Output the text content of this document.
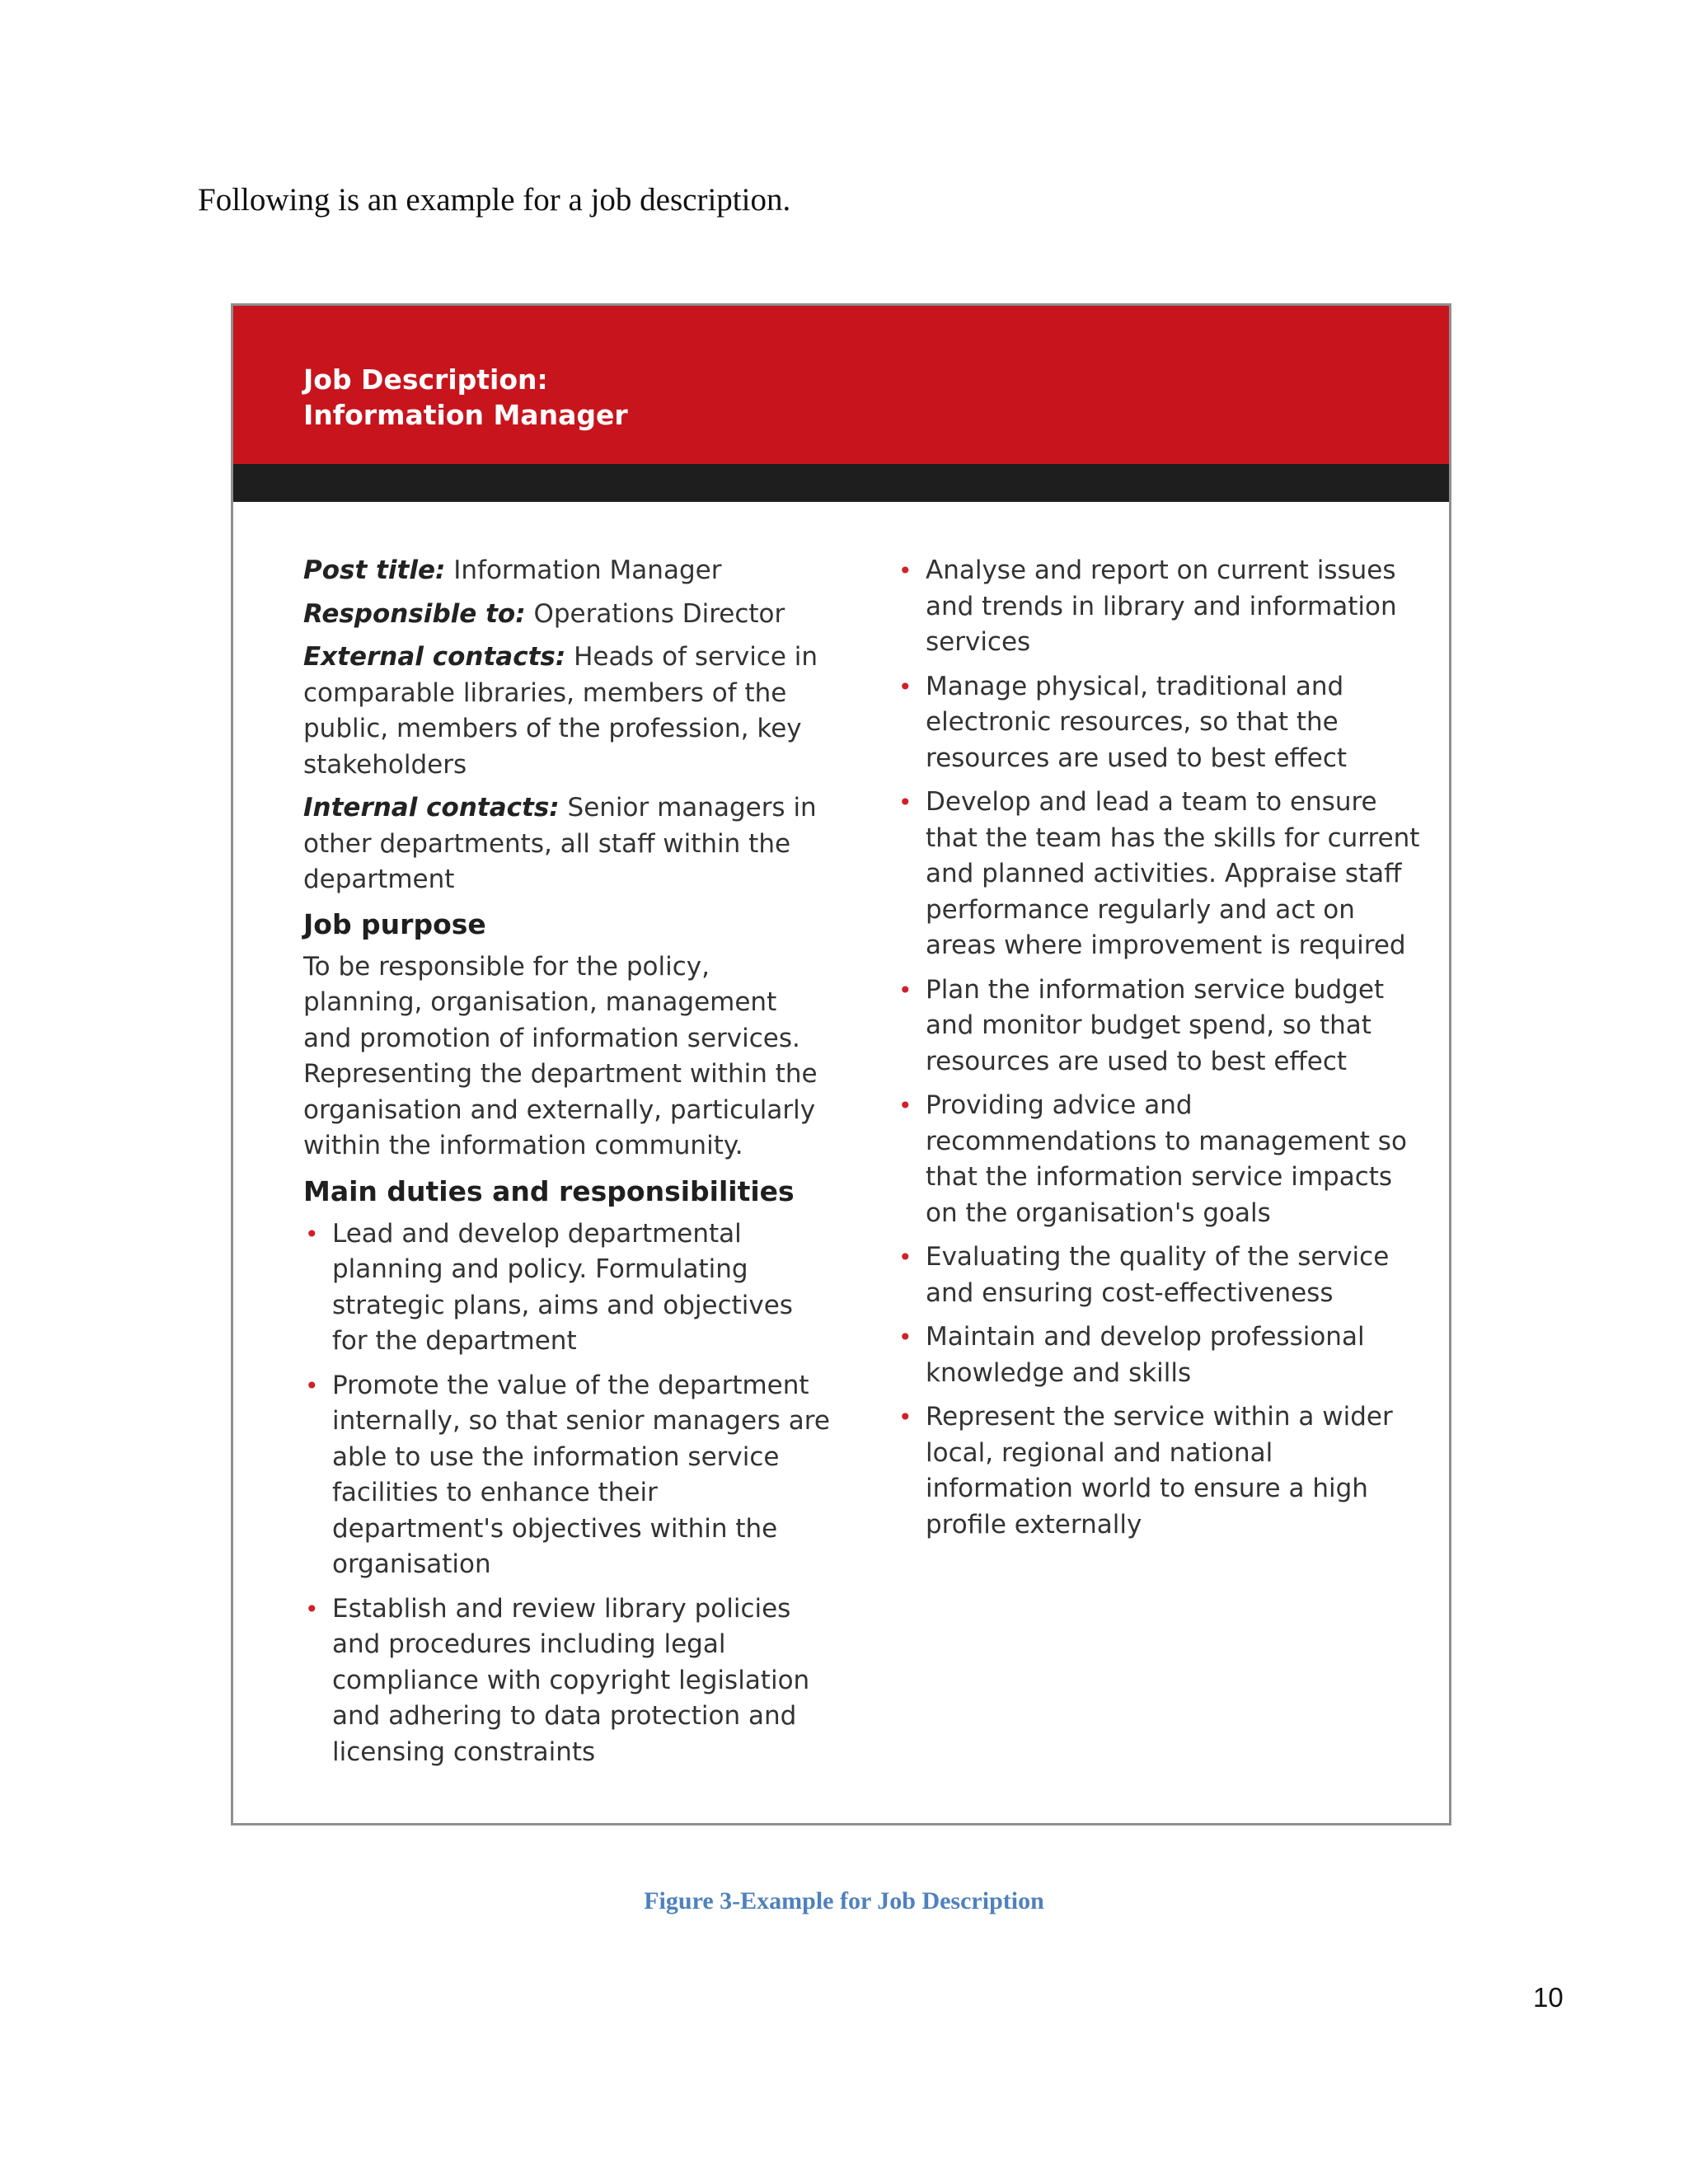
Following is an example for a job description.

Job Description:
Information Manager

Post title: Information Manager

Responsible to: Operations Director

External contacts: Heads of service in comparable libraries, members of the public, members of the profession, key stakeholders

Internal contacts: Senior managers in other departments, all staff within the department

Job purpose

To be responsible for the policy, planning, organisation, management and promotion of information services. Representing the department within the organisation and externally, particularly within the information community.

Main duties and responsibilities
• Lead and develop departmental planning and policy. Formulating strategic plans, aims and objectives for the department
• Promote the value of the department internally, so that senior managers are able to use the information service facilities to enhance their department's objectives within the organisation
• Establish and review library policies and procedures including legal compliance with copyright legislation and adhering to data protection and licensing constraints
• Analyse and report on current issues and trends in library and information services
• Manage physical, traditional and electronic resources, so that the resources are used to best effect
• Develop and lead a team to ensure that the team has the skills for current and planned activities. Appraise staff performance regularly and act on areas where improvement is required
• Plan the information service budget and monitor budget spend, so that resources are used to best effect
• Providing advice and recommendations to management so that the information service impacts on the organisation's goals
• Evaluating the quality of the service and ensuring cost-effectiveness
• Maintain and develop professional knowledge and skills
• Represent the service within a wider local, regional and national information world to ensure a high profile externally

Figure 3-Example for Job Description

10
